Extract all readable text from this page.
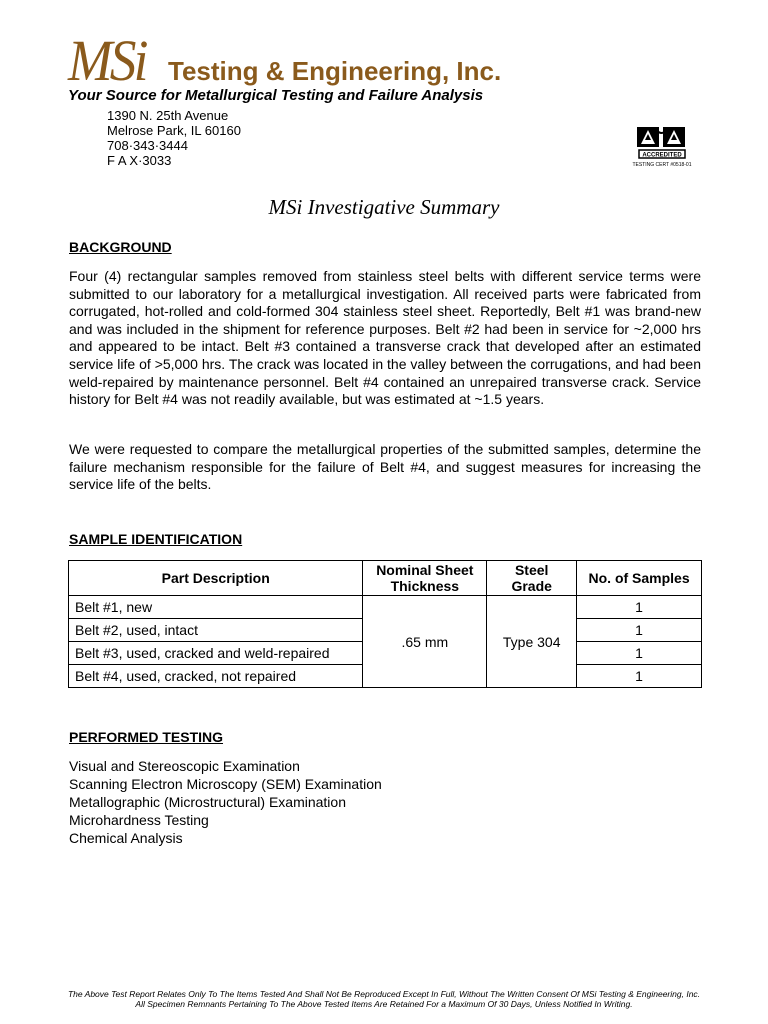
MSi Testing & Engineering, Inc.
Your Source for Metallurgical Testing and Failure Analysis
1390 N. 25th Avenue
Melrose Park, IL 60160
708·343·3444
F A X·3033	ACCREDITED
TESTING CERT #0518-01
MSi Investigative Summary
BACKGROUND
Four (4) rectangular samples removed from stainless steel belts with different service terms were submitted to our laboratory for a metallurgical investigation. All received parts were fabricated from corrugated, hot-rolled and cold-formed 304 stainless steel sheet. Reportedly, Belt #1 was brand-new and was included in the shipment for reference purposes. Belt #2 had been in service for ~2,000 hrs and appeared to be intact. Belt #3 contained a transverse crack that developed after an estimated service life of >5,000 hrs. The crack was located in the valley between the corrugations, and had been weld-repaired by maintenance personnel. Belt #4 contained an unrepaired transverse crack. Service history for Belt #4 was not readily available, but was estimated at ~1.5 years.
We were requested to compare the metallurgical properties of the submitted samples, determine the failure mechanism responsible for the failure of Belt #4, and suggest measures for increasing the service life of the belts.
SAMPLE IDENTIFICATION
Part Description	Nominal Sheet Thickness	Steel Grade	No. of Samples
Belt #1, new	.65 mm	Type 304	1
Belt #2, used, intact			1
Belt #3, used, cracked and weld-repaired			1
Belt #4, used, cracked, not repaired			1
PERFORMED TESTING
Visual and Stereoscopic Examination
Scanning Electron Microscopy (SEM) Examination
Metallographic (Microstructural) Examination
Microhardness Testing
Chemical Analysis
The Above Test Report Relates Only To The Items Tested And Shall Not Be Reproduced Except In Full, Without The Written Consent Of MSi Testing & Engineering, Inc.
All Specimen Remnants Pertaining To The Above Tested Items Are Retained For a Maximum Of 30 Days, Unless Notified In Writing.
